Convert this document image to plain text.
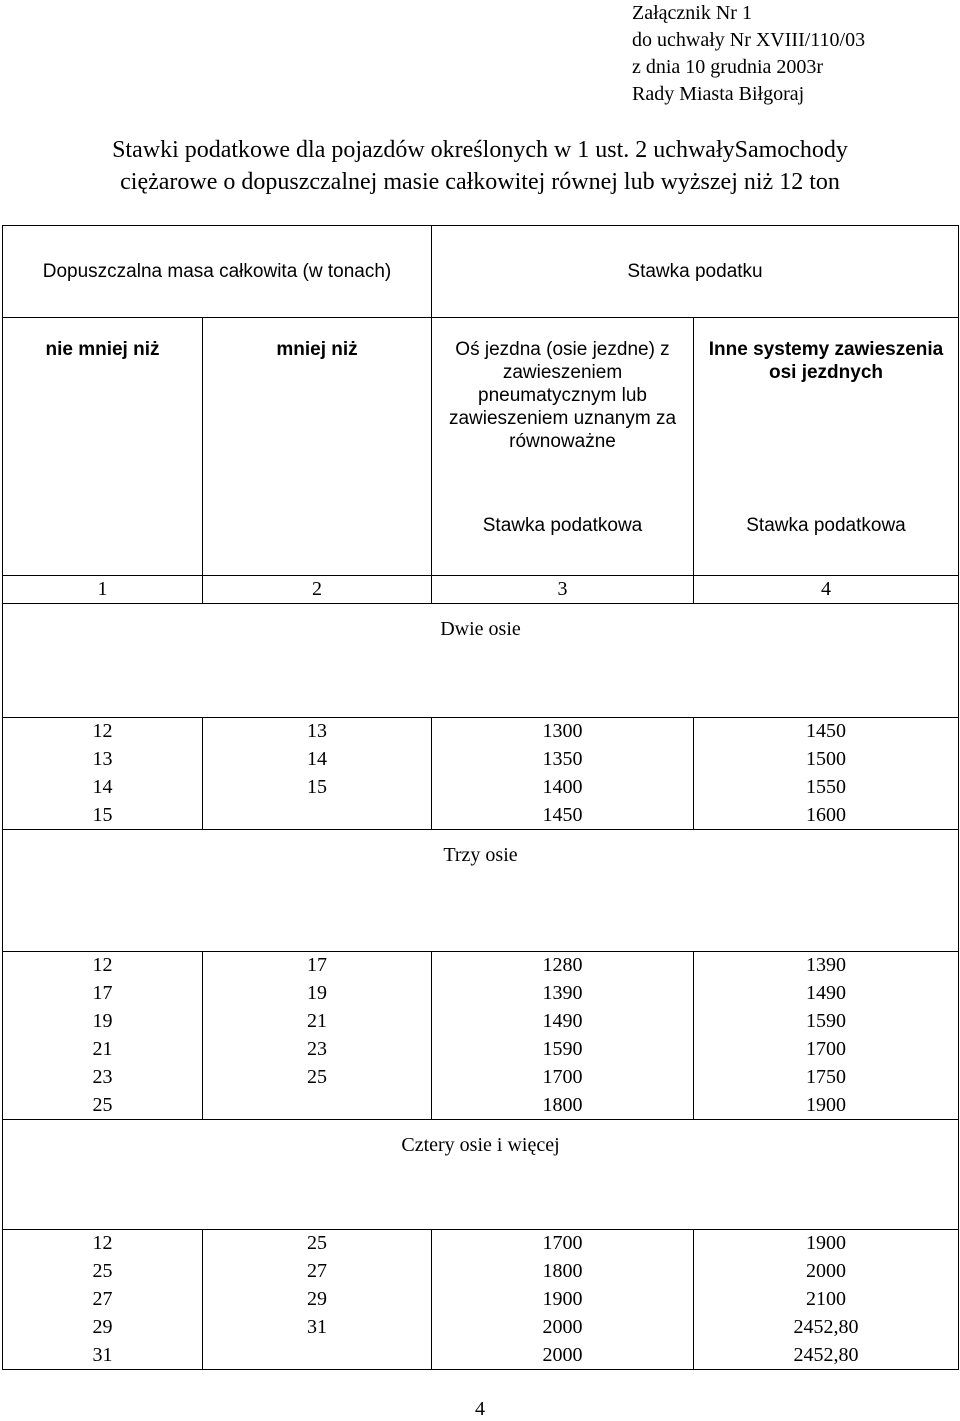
Załącznik Nr 1
do uchwały Nr XVIII/110/03
z dnia 10 grudnia 2003r
Rady Miasta Biłgoraj
Stawki podatkowe dla pojazdów określonych w 1 ust. 2 uchwałySamochody
ciężarowe o dopuszczalnej masie całkowitej równej lub wyższej niż 12 ton
Dopuszczalna masa całkowita (w tonach)		Stawka podatku	
nie mniej niż	mniej niż	Oś jezdna (osie jezdne) z zawieszeniem pneumatycznym lub zawieszeniem uznanym za równoważne	Inne systemy zawieszenia osi jezdnych
		Stawka podatkowa	Stawka podatkowa
1	2	3	4
Dwie osie			
12	13	1300	1450
13	14	1350	1500
14	15	1400	1550
15		1450	1600
Trzy osie			
12	17	1280	1390
17	19	1390	1490
19	21	1490	1590
21	23	1590	1700
23	25	1700	1750
25		1800	1900
Cztery osie i więcej			
12	25	1700	1900
25	27	1800	2000
27	29	1900	2100
29	31	2000	2452,80
31		2000	2452,80
4
